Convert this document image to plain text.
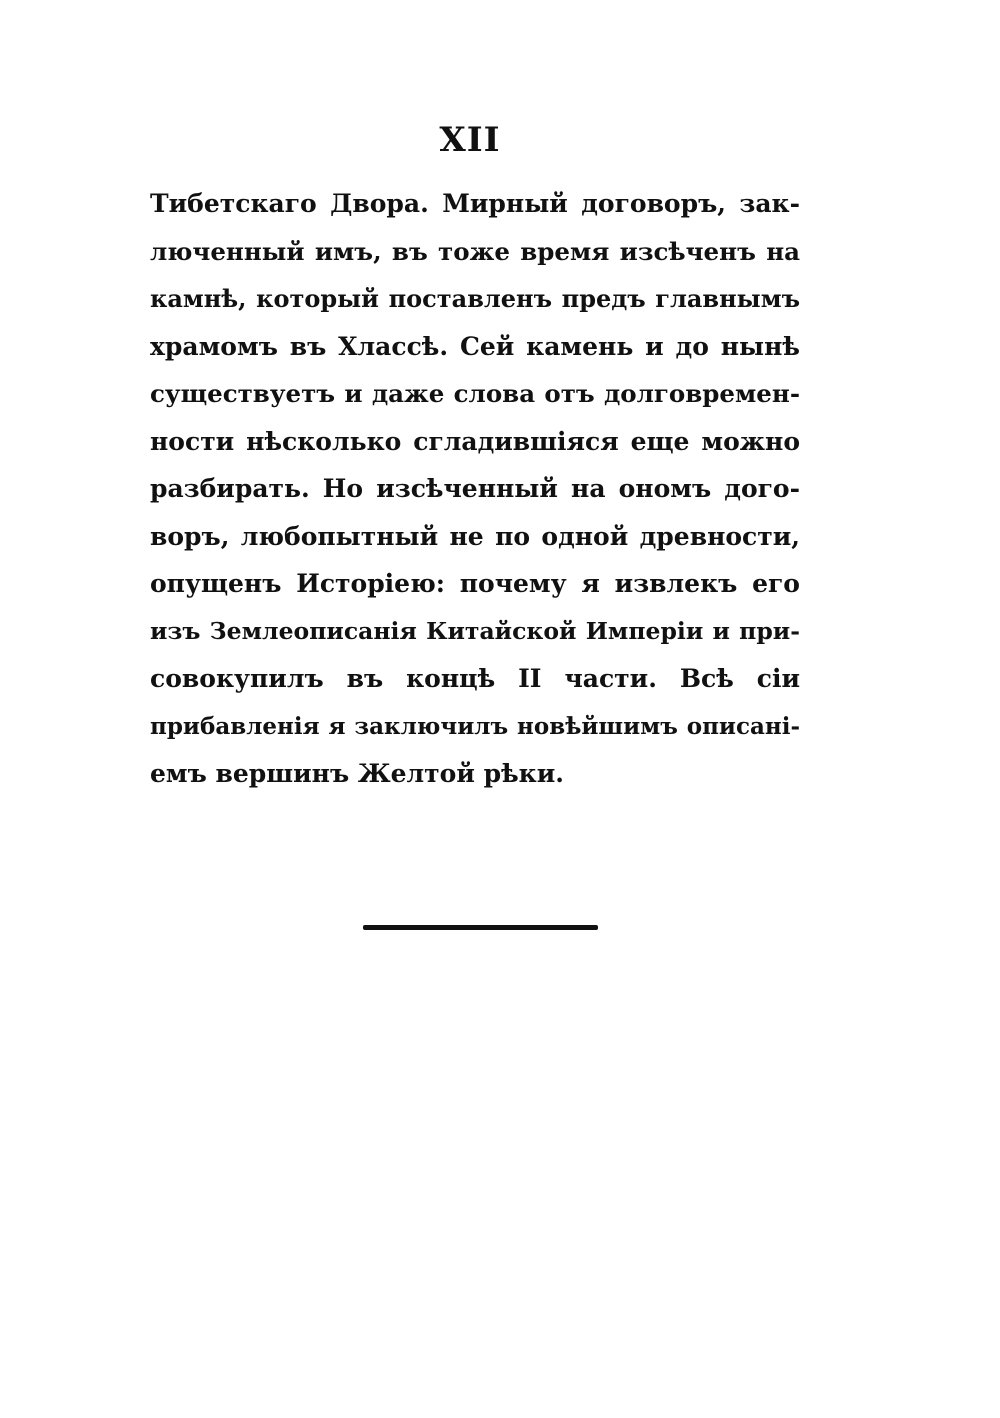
XII
Тибетскаго Двора. Мирный договоръ, зак-
люченный имъ, въ тоже время изсѣченъ на
камнѣ, который поставленъ предъ главнымъ
храмомъ въ Хлассѣ. Сей камень и до нынѣ
существуетъ и даже слова отъ долговремен-
ности нѣсколько сгладившіяся еще можно
разбирать. Но изсѣченный на ономъ дого-
воръ, любопытный не по одной древности,
опущенъ Исторіею: почему я извлекъ его
изъ Землеописанія Китайской Имперіи и при-
совокупилъ въ концѣ II части. Всѣ сіи
прибавленія я заключилъ новѣйшимъ описані-
емъ вершинъ Желтой рѣки.
